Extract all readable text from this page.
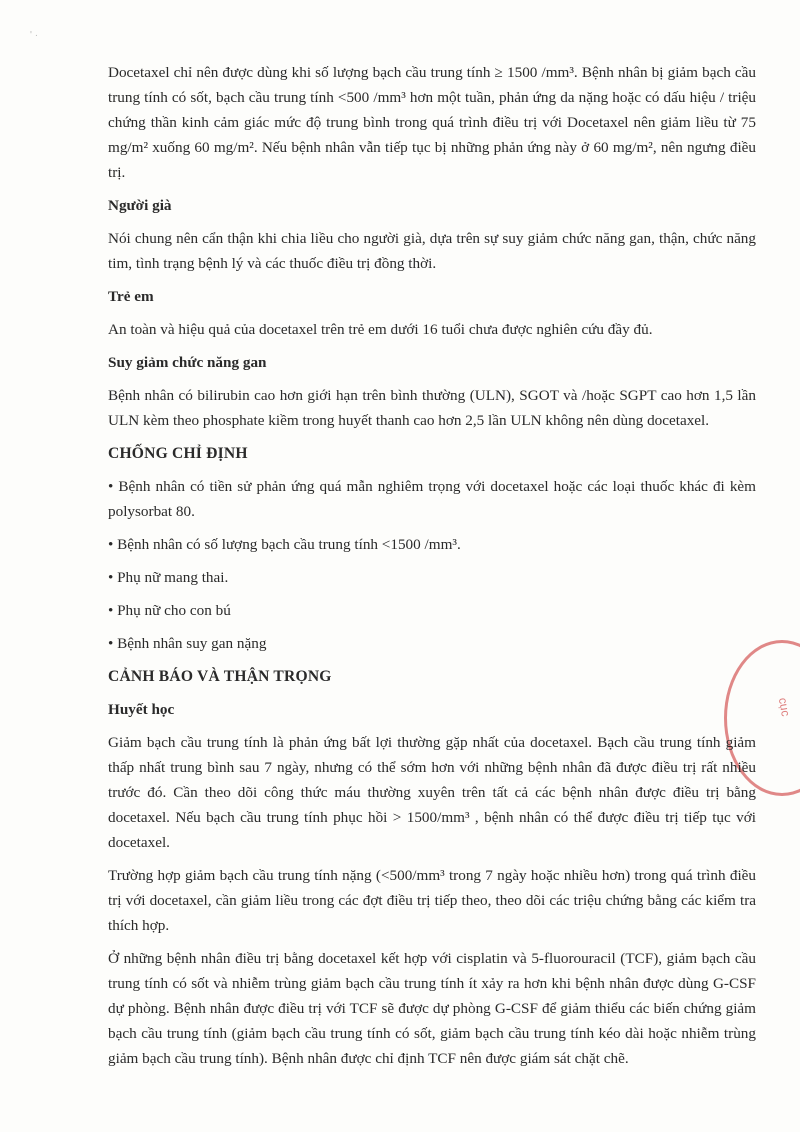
' ·
cục

Docetaxel chỉ nên được dùng khi số lượng bạch cầu trung tính ≥ 1500 /mm³. Bệnh nhân bị giảm bạch cầu trung tính có sốt, bạch cầu trung tính <500 /mm³ hơn một tuần, phản ứng da nặng hoặc có dấu hiệu / triệu chứng thần kinh cảm giác mức độ trung bình trong quá trình điều trị với Docetaxel nên giảm liều từ 75 mg/m² xuống 60 mg/m². Nếu bệnh nhân vẫn tiếp tục bị những phản ứng này ở 60 mg/m², nên ngưng điều trị.

Người già

Nói chung nên cẩn thận khi chia liều cho người già, dựa trên sự suy giảm chức năng gan, thận, chức năng tim, tình trạng bệnh lý và các thuốc điều trị đồng thời.

Trẻ em

An toàn và hiệu quả của docetaxel trên trẻ em dưới 16 tuổi chưa được nghiên cứu đầy đủ.

Suy giảm chức năng gan

Bệnh nhân có bilirubin cao hơn giới hạn trên bình thường (ULN), SGOT và /hoặc SGPT cao hơn 1,5 lần ULN kèm theo phosphate kiềm trong huyết thanh cao hơn 2,5 lần ULN không nên dùng docetaxel.

CHỐNG CHỈ ĐỊNH

• Bệnh nhân có tiền sử phản ứng quá mẫn nghiêm trọng với docetaxel hoặc các loại thuốc khác đi kèm polysorbat 80.

• Bệnh nhân có số lượng bạch cầu trung tính <1500 /mm³.

• Phụ nữ mang thai.

• Phụ nữ cho con bú

• Bệnh nhân suy gan nặng

CẢNH BÁO VÀ THẬN TRỌNG
Huyết học

Giảm bạch cầu trung tính là phản ứng bất lợi thường gặp nhất của docetaxel. Bạch cầu trung tính giảm thấp nhất trung bình sau 7 ngày, nhưng có thể sớm hơn với những bệnh nhân đã được điều trị rất nhiều trước đó. Cần theo dõi công thức máu thường xuyên trên tất cả các bệnh nhân được điều trị bằng docetaxel. Nếu bạch cầu trung tính phục hồi > 1500/mm³ , bệnh nhân có thể được điều trị tiếp tục với docetaxel.

Trường hợp giảm bạch cầu trung tính nặng (<500/mm³ trong 7 ngày hoặc nhiều hơn) trong quá trình điều trị với docetaxel, cần giảm liều trong các đợt điều trị tiếp theo, theo dõi các triệu chứng bằng các kiểm tra thích hợp.

Ở những bệnh nhân điều trị bằng docetaxel kết hợp với cisplatin và 5-fluorouracil (TCF), giảm bạch cầu trung tính có sốt và nhiễm trùng giảm bạch cầu trung tính ít xảy ra hơn khi bệnh nhân được dùng G-CSF dự phòng. Bệnh nhân được điều trị với TCF sẽ được dự phòng G-CSF để giảm thiểu các biến chứng giảm bạch cầu trung tính (giảm bạch cầu trung tính có sốt, giảm bạch cầu trung tính kéo dài hoặc nhiễm trùng giảm bạch cầu trung tính). Bệnh nhân được chỉ định TCF nên được giám sát chặt chẽ.
